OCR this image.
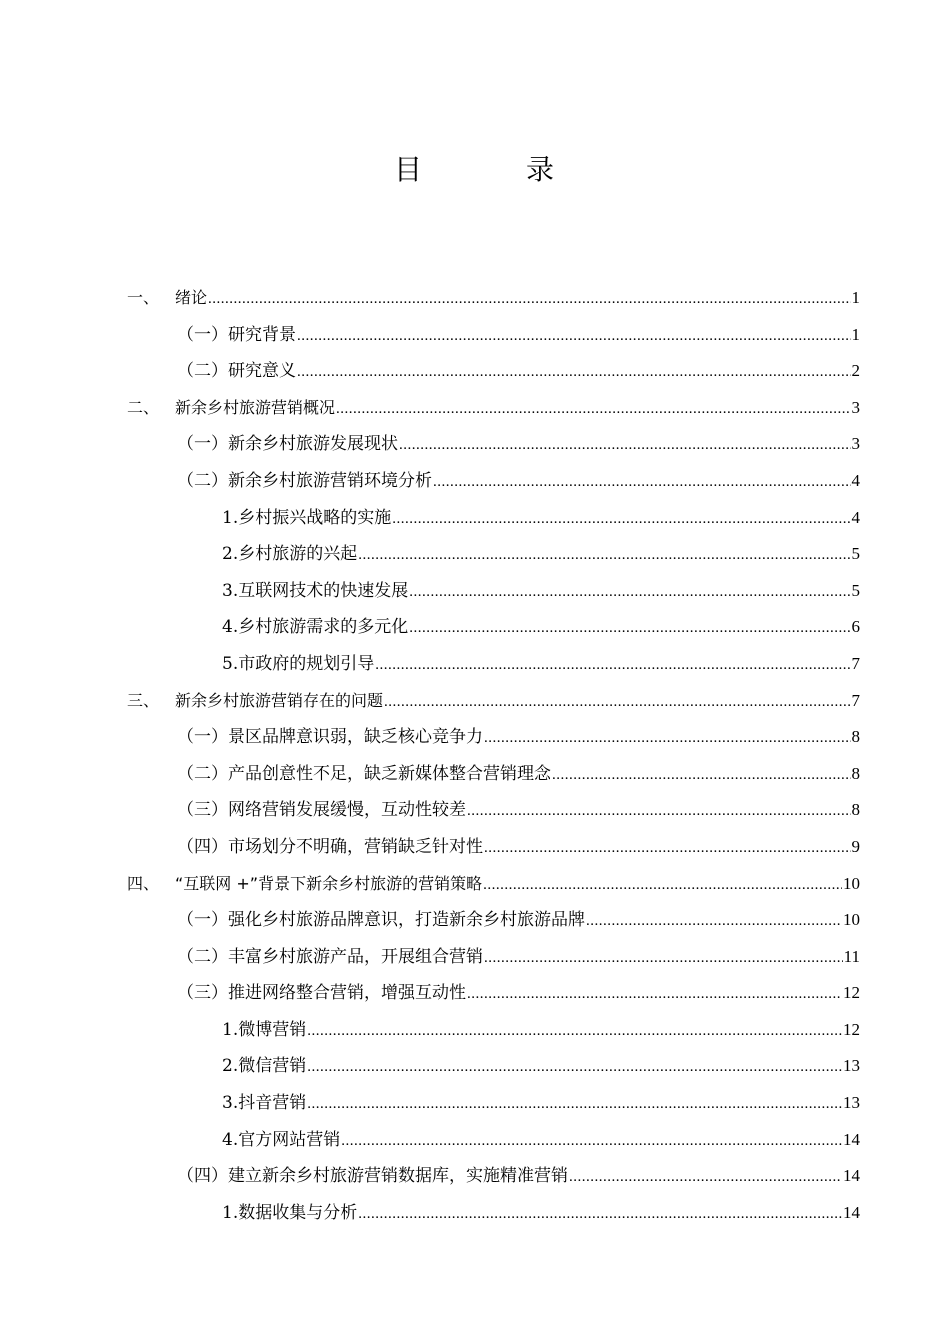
目　录
一、 绪论 .....	1
（一）研究背景 .....	1
（二）研究意义 .....	2
二、 新余乡村旅游营销概况 .....	3
（一）新余乡村旅游发展现状 .....	3
（二）新余乡村旅游营销环境分析 .....	4
1.乡村振兴战略的实施 .....	4
2.乡村旅游的兴起 .....	5
3.互联网技术的快速发展 .....	5
4.乡村旅游需求的多元化 .....	6
5.市政府的规划引导 .....	7
三、 新余乡村旅游营销存在的问题 .....	7
（一）景区品牌意识弱，缺乏核心竞争力 .....	8
（二）产品创意性不足，缺乏新媒体整合营销理念 .....	8
（三）网络营销发展缓慢，互动性较差 .....	8
（四）市场划分不明确，营销缺乏针对性 .....	9
四、 “互联网 +”背景下新余乡村旅游的营销策略 .....	10
（一）强化乡村旅游品牌意识，打造新余乡村旅游品牌 .....	10
（二）丰富乡村旅游产品，开展组合营销 .....	11
（三）推进网络整合营销，增强互动性 .....	12
1.微博营销 .....	12
2.微信营销 .....	13
3.抖音营销 .....	13
4.官方网站营销 .....	14
（四）建立新余乡村旅游营销数据库，实施精准营销 .....	14
1.数据收集与分析 .....	14
